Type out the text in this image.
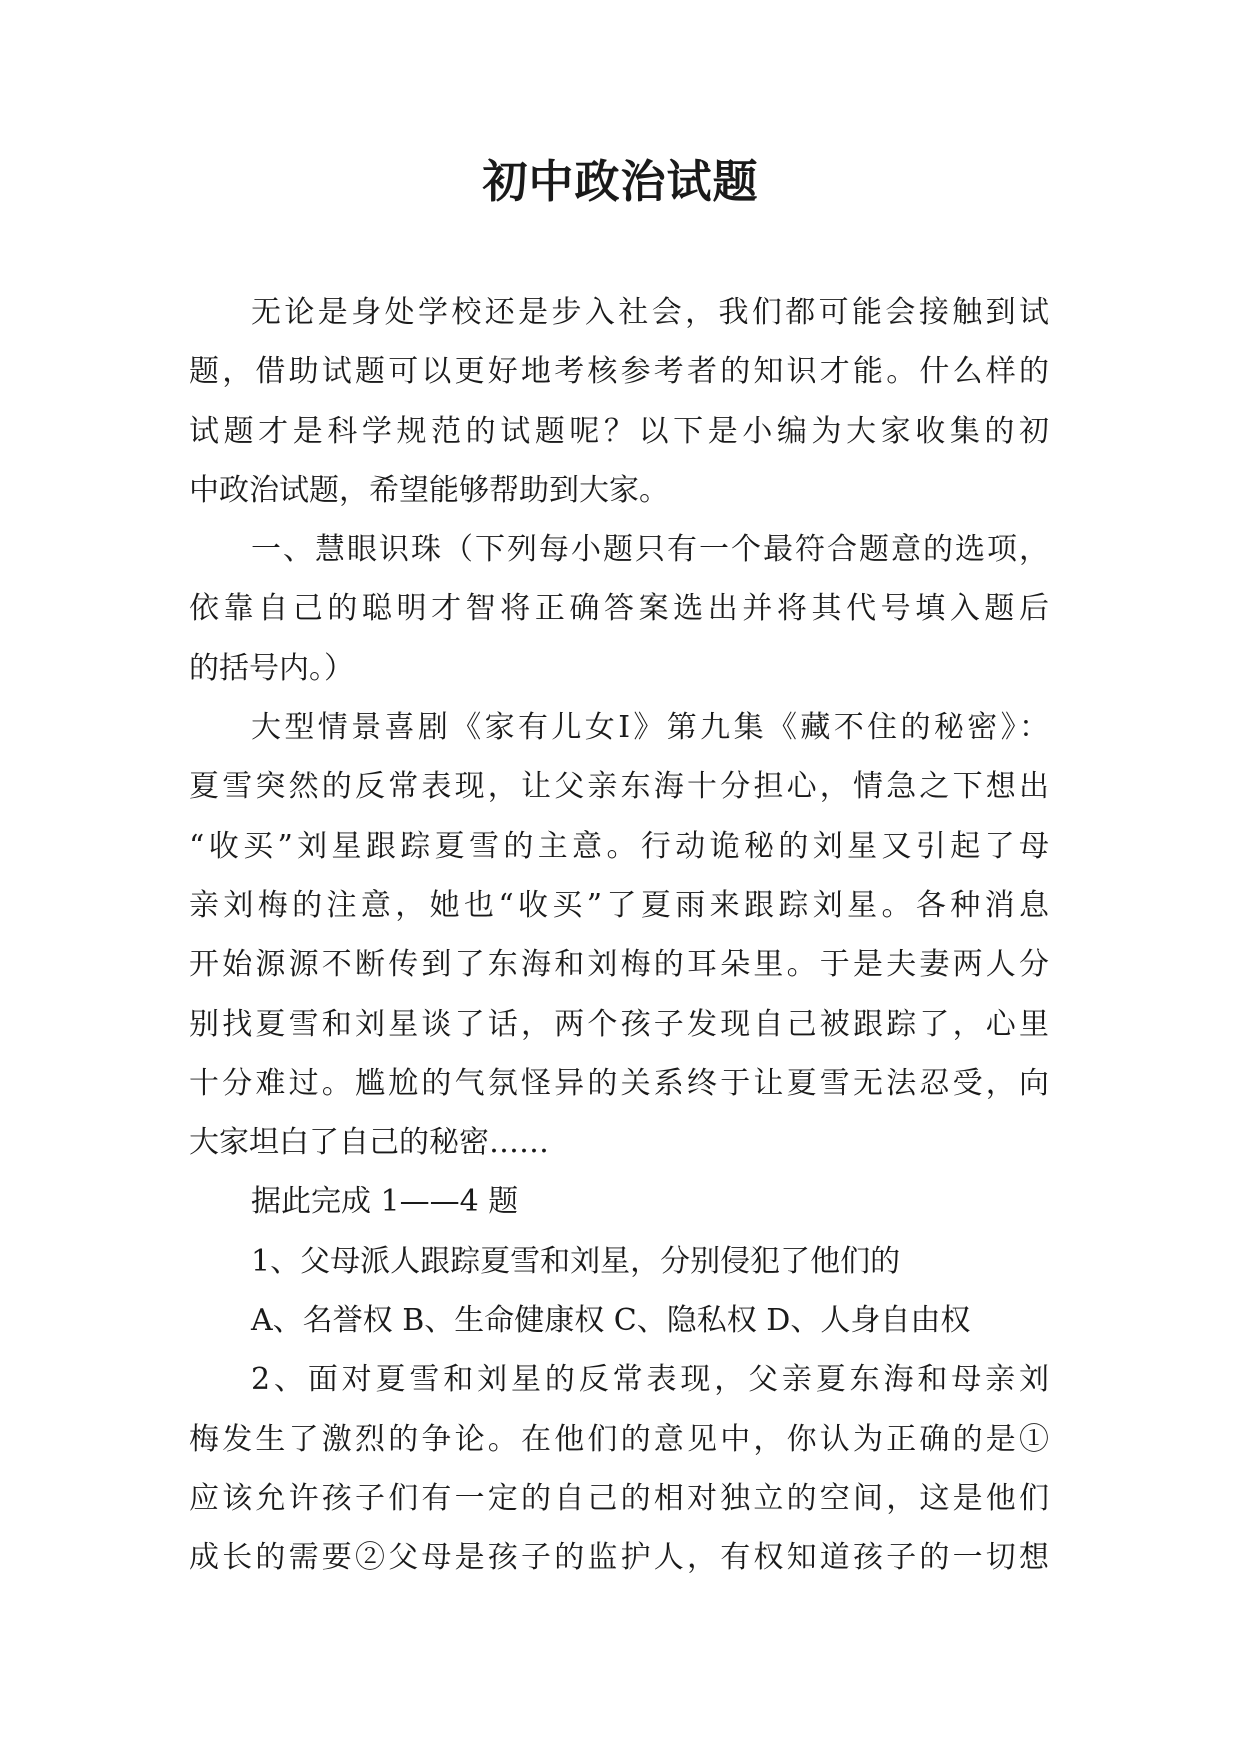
初中政治试题
无论是身处学校还是步入社会，我们都可能会接触到试
题，借助试题可以更好地考核参考者的知识才能。什么样的
试题才是科学规范的试题呢？以下是小编为大家收集的初
中政治试题，希望能够帮助到大家。
一、慧眼识珠（下列每小题只有一个最符合题意的选项，
依靠自己的聪明才智将正确答案选出并将其代号填入题后
的括号内。）
大型情景喜剧《家有儿女Ⅰ》第九集《藏不住的秘密》：
夏雪突然的反常表现，让父亲东海十分担心，情急之下想出
“收买”刘星跟踪夏雪的主意。行动诡秘的刘星又引起了母
亲刘梅的注意，她也“收买”了夏雨来跟踪刘星。各种消息
开始源源不断传到了东海和刘梅的耳朵里。于是夫妻两人分
别找夏雪和刘星谈了话，两个孩子发现自己被跟踪了，心里
十分难过。尴尬的气氛怪异的关系终于让夏雪无法忍受，向
大家坦白了自己的秘密……
据此完成 1——4 题
1、父母派人跟踪夏雪和刘星，分别侵犯了他们的
A、名誉权 B、生命健康权 C、隐私权 D、人身自由权
2、面对夏雪和刘星的反常表现，父亲夏东海和母亲刘
梅发生了激烈的争论。在他们的意见中，你认为正确的是①
应该允许孩子们有一定的自己的相对独立的空间，这是他们
成长的需要②父母是孩子的监护人，有权知道孩子的一切想
